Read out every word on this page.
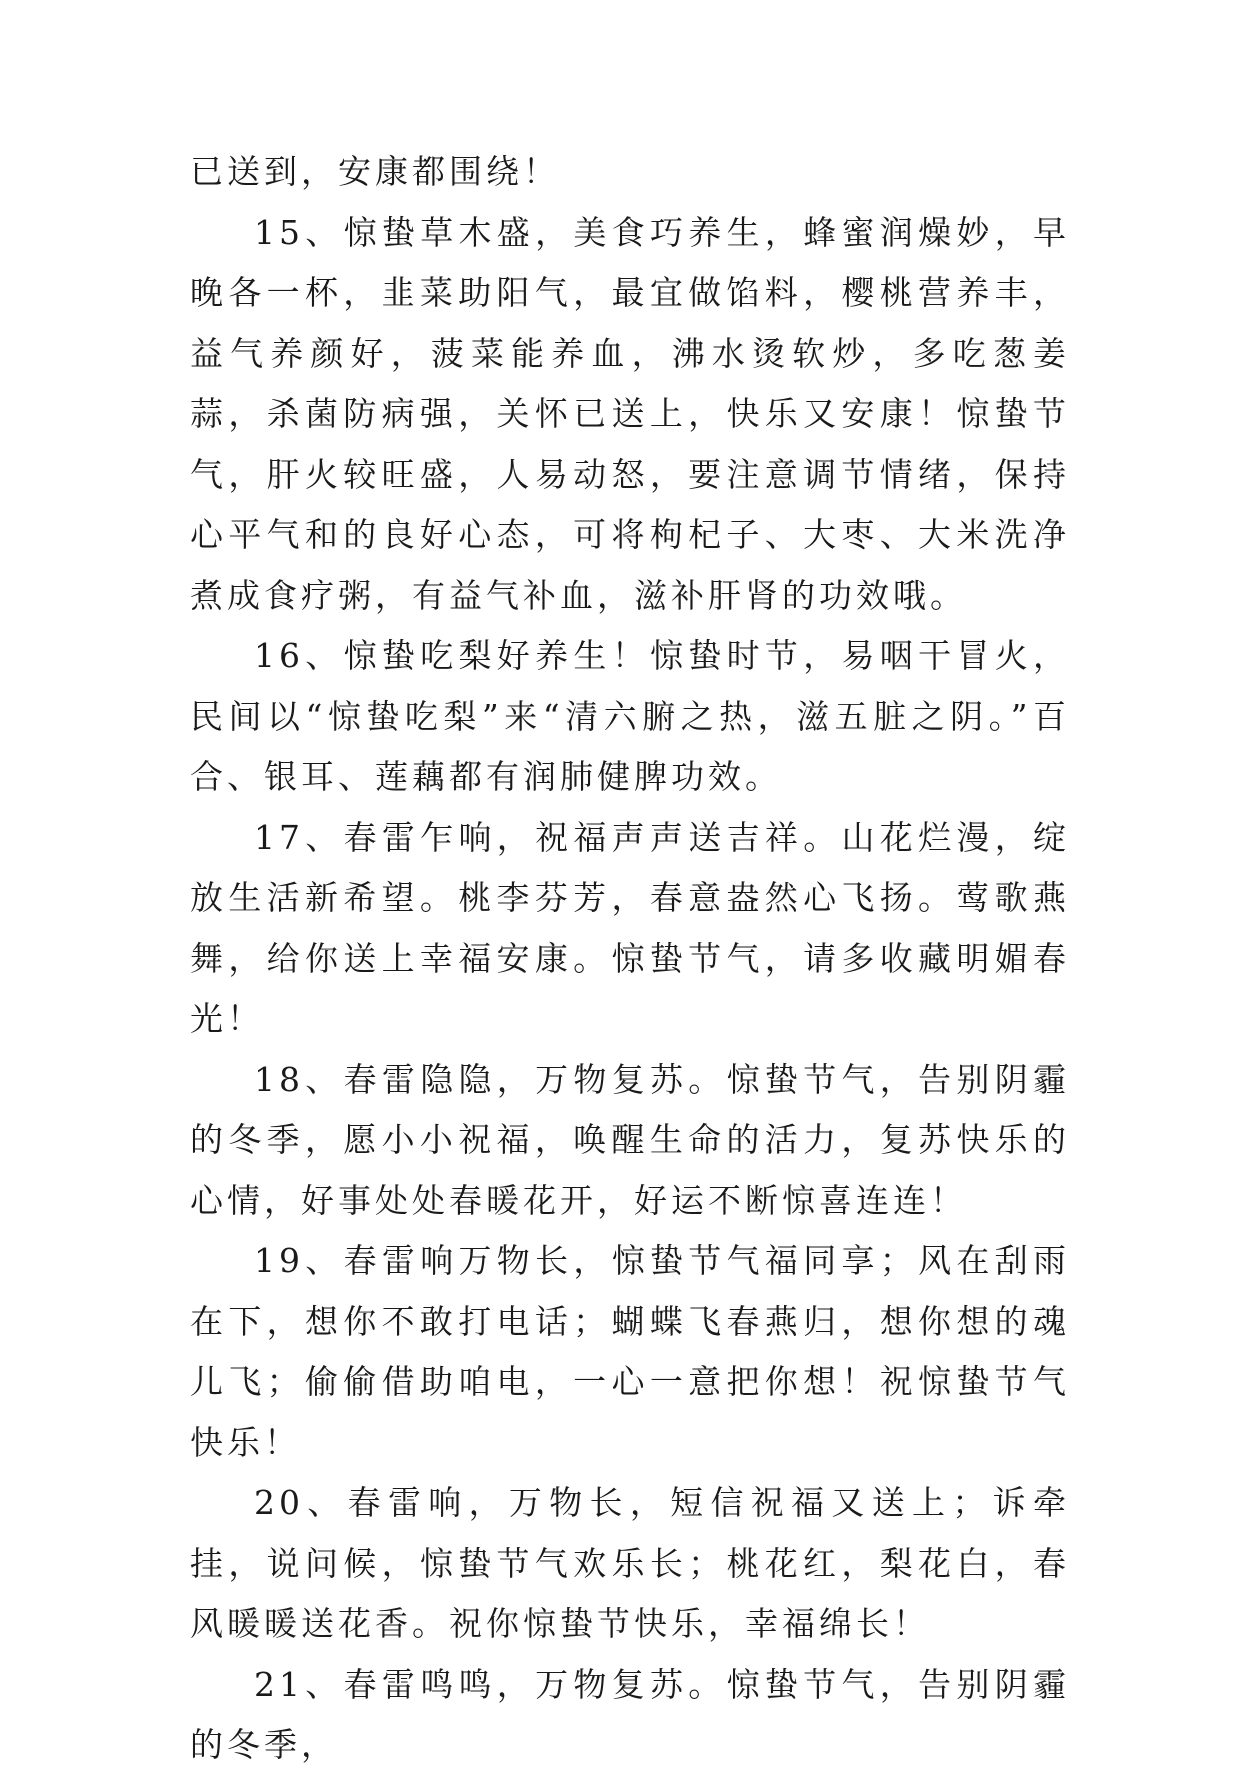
已送到，安康都围绕！

15、惊蛰草木盛，美食巧养生，蜂蜜润燥妙，早晚各一杯，韭菜助阳气，最宜做馅料，樱桃营养丰，益气养颜好，菠菜能养血，沸水烫软炒，多吃葱姜蒜，杀菌防病强，关怀已送上，快乐又安康！惊蛰节气，肝火较旺盛，人易动怒，要注意调节情绪，保持心平气和的良好心态，可将枸杞子、大枣、大米洗净煮成食疗粥，有益气补血，滋补肝肾的功效哦。

16、惊蛰吃梨好养生！惊蛰时节，易咽干冒火，民间以“惊蛰吃梨”来“清六腑之热，滋五脏之阴。”百合、银耳、莲藕都有润肺健脾功效。

17、春雷乍响，祝福声声送吉祥。山花烂漫，绽放生活新希望。桃李芬芳，春意盎然心飞扬。莺歌燕舞，给你送上幸福安康。惊蛰节气，请多收藏明媚春光！

18、春雷隐隐，万物复苏。惊蛰节气，告别阴霾的冬季，愿小小祝福，唤醒生命的活力，复苏快乐的心情，好事处处春暖花开，好运不断惊喜连连！

19、春雷响万物长，惊蛰节气福同享；风在刮雨在下，想你不敢打电话；蝴蝶飞春燕归，想你想的魂儿飞；偷偷借助咱电，一心一意把你想！祝惊蛰节气快乐！

20、春雷响，万物长，短信祝福又送上；诉牵挂，说问候，惊蛰节气欢乐长；桃花红，梨花白，春风暖暖送花香。祝你惊蛰节快乐，幸福绵长！

21、春雷鸣鸣，万物复苏。惊蛰节气，告别阴霾的冬季，
